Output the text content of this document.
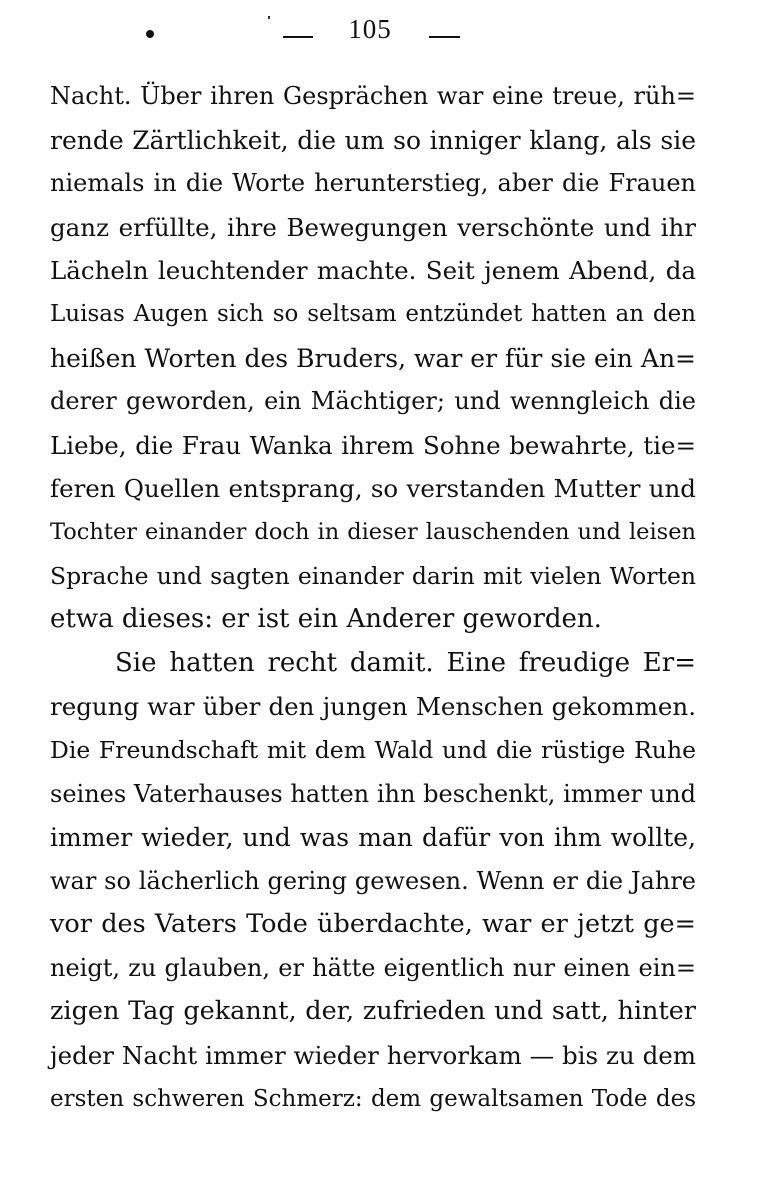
105
Nacht. Über ihren Gesprächen war eine treue, rüh=
rende Zärtlichkeit, die um so inniger klang, als sie
niemals in die Worte herunterstieg, aber die Frauen
ganz erfüllte, ihre Bewegungen verschönte und ihr
Lächeln leuchtender machte. Seit jenem Abend, da
Luisas Augen sich so seltsam entzündet hatten an den
heißen Worten des Bruders, war er für sie ein An=
derer geworden, ein Mächtiger; und wenngleich die
Liebe, die Frau Wanka ihrem Sohne bewahrte, tie=
feren Quellen entsprang, so verstanden Mutter und
Tochter einander doch in dieser lauschenden und leisen
Sprache und sagten einander darin mit vielen Worten
etwa dieses: er ist ein Anderer geworden.
Sie hatten recht damit. Eine freudige Er=
regung war über den jungen Menschen gekommen.
Die Freundschaft mit dem Wald und die rüstige Ruhe
seines Vaterhauses hatten ihn beschenkt, immer und
immer wieder, und was man dafür von ihm wollte,
war so lächerlich gering gewesen. Wenn er die Jahre
vor des Vaters Tode überdachte, war er jetzt ge=
neigt, zu glauben, er hätte eigentlich nur einen ein=
zigen Tag gekannt, der, zufrieden und satt, hinter
jeder Nacht immer wieder hervorkam — bis zu dem
ersten schweren Schmerz: dem gewaltsamen Tode des
